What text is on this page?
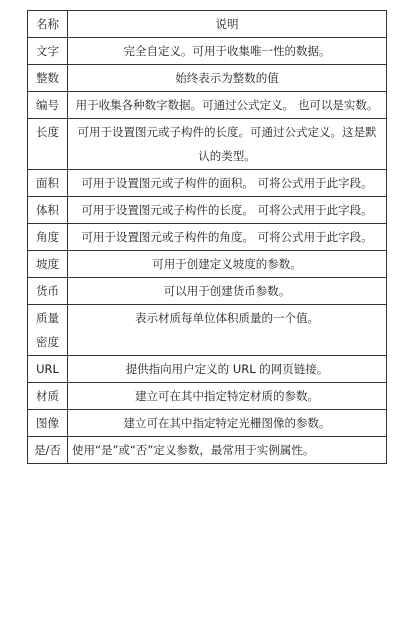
名称	说明
文字	完全自定义。可用于收集唯一性的数据。
整数	始终表示为整数的值
编号	用于收集各种数字数据。可通过公式定义。 也可以是实数。
长度	可用于设置图元或子构件的长度。可通过公式定义。这是默认的类型。
面积	可用于设置图元或子构件的面积。 可将公式用于此字段。
体积	可用于设置图元或子构件的长度。 可将公式用于此字段。
角度	可用于设置图元或子构件的角度。 可将公式用于此字段。
坡度	可用于创建定义坡度的参数。
货币	可以用于创建货币参数。
质量密度	表示材质每单位体积质量的一个值。
URL	提供指向用户定义的 URL 的网页链接。
材质	建立可在其中指定特定材质的参数。
图像	建立可在其中指定特定光栅图像的参数。
是/否	使用“是”或“否”定义参数，最常用于实例属性。
